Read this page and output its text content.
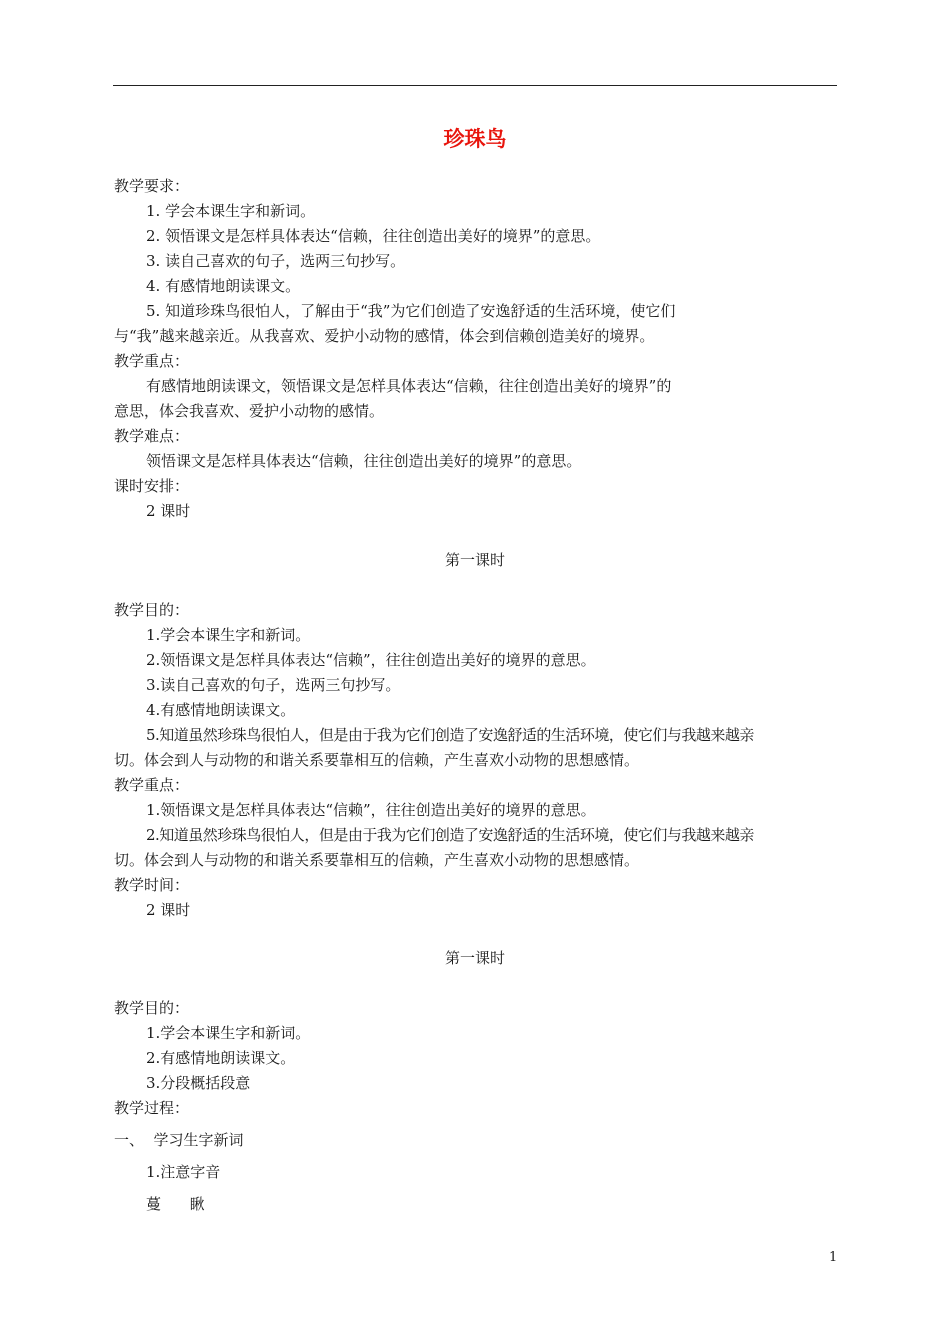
珍珠鸟
教学要求：
1. 学会本课生字和新词。
2. 领悟课文是怎样具体表达“信赖，往往创造出美好的境界”的意思。
3. 读自己喜欢的句子，选两三句抄写。
4. 有感情地朗读课文。
5. 知道珍珠鸟很怕人，了解由于“我”为它们创造了安逸舒适的生活环境，使它们
与“我”越来越亲近。从我喜欢、爱护小动物的感情，体会到信赖创造美好的境界。
教学重点：
有感情地朗读课文，领悟课文是怎样具体表达“信赖，往往创造出美好的境界”的
意思，体会我喜欢、爱护小动物的感情。
教学难点：
领悟课文是怎样具体表达“信赖，往往创造出美好的境界”的意思。
课时安排：
2 课时
第一课时
教学目的：
1.学会本课生字和新词。
2.领悟课文是怎样具体表达“信赖”，往往创造出美好的境界的意思。
3.读自己喜欢的句子，选两三句抄写。
4.有感情地朗读课文。
5.知道虽然珍珠鸟很怕人，但是由于我为它们创造了安逸舒适的生活环境，使它们与我越来越亲
切。体会到人与动物的和谐关系要靠相互的信赖，产生喜欢小动物的思想感情。
教学重点：
1.领悟课文是怎样具体表达“信赖”，往往创造出美好的境界的意思。
2.知道虽然珍珠鸟很怕人，但是由于我为它们创造了安逸舒适的生活环境，使它们与我越来越亲
切。体会到人与动物的和谐关系要靠相互的信赖，产生喜欢小动物的思想感情。
教学时间：
2 课时
第一课时
教学目的：
1.学会本课生字和新词。
2.有感情地朗读课文。
3.分段概括段意
教学过程：
一、  学习生字新词
1.注意字音
蔓      瞅
1
